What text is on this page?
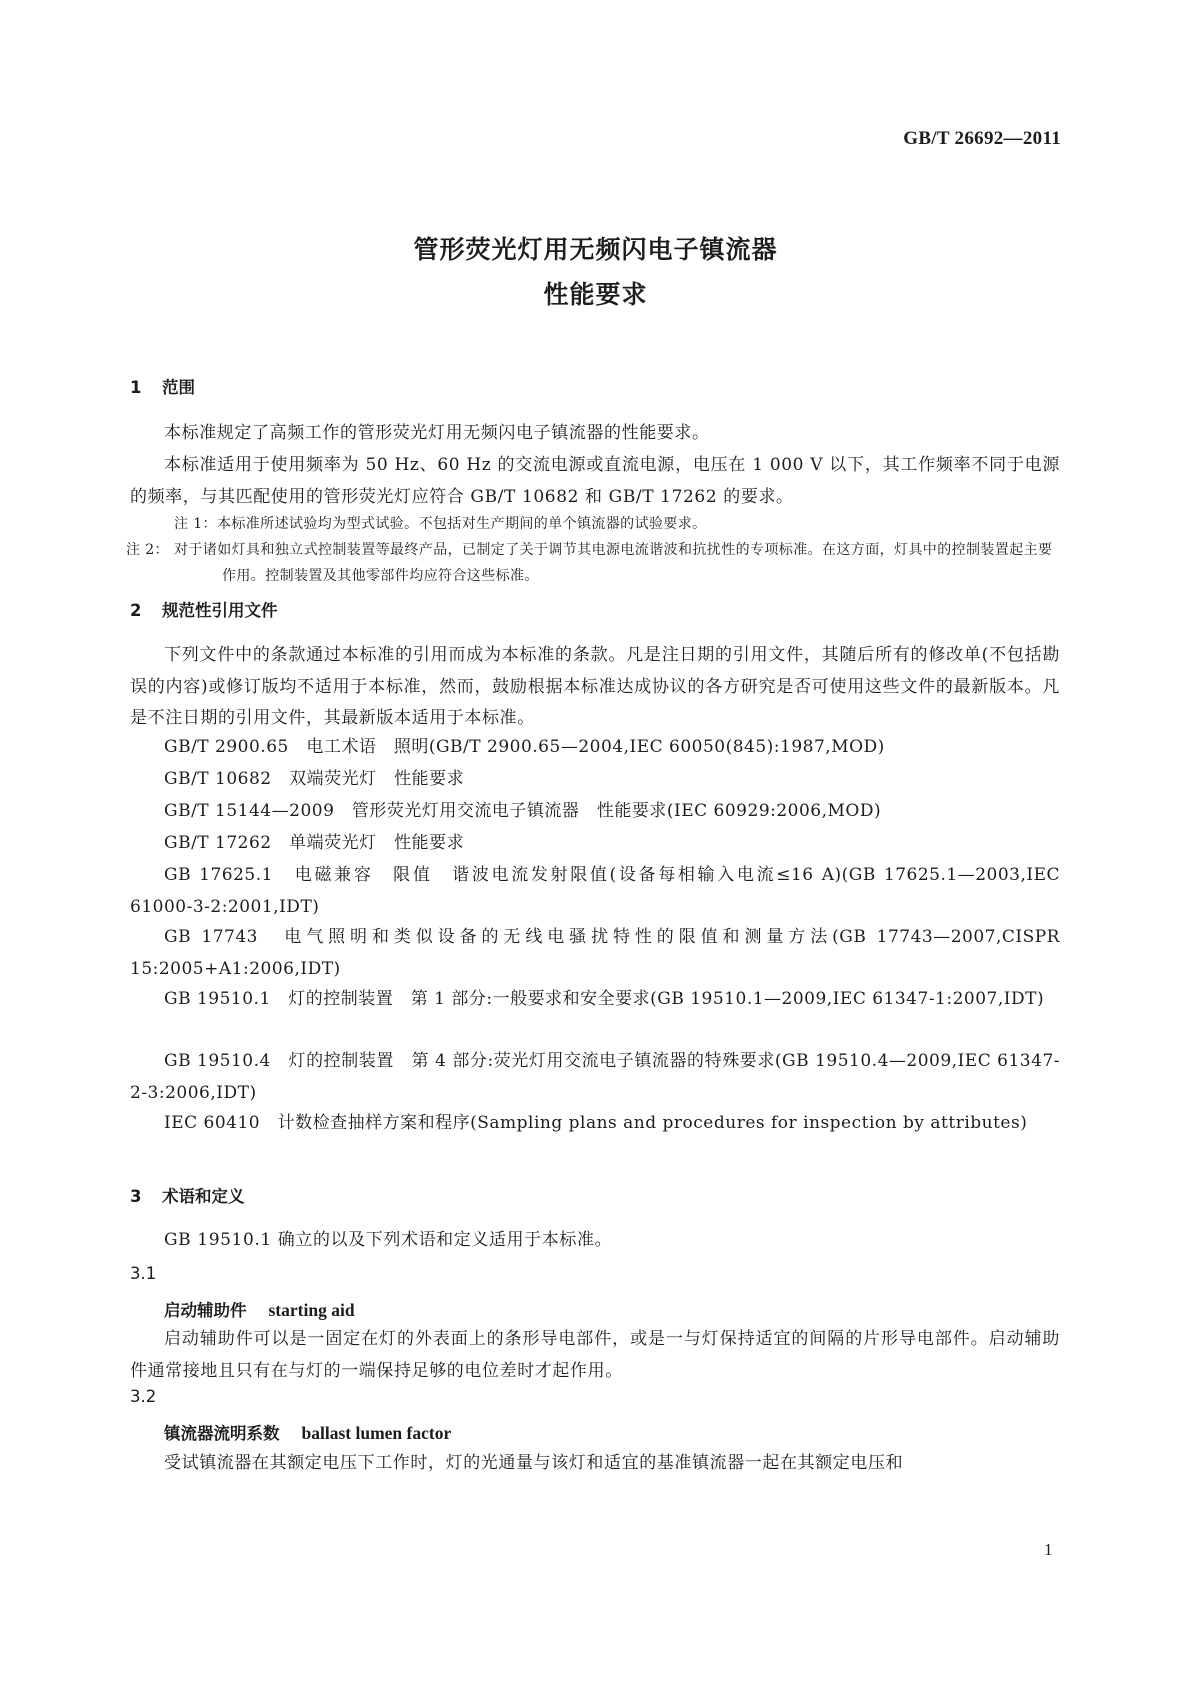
GB/T 26692—2011
管形荧光灯用无频闪电子镇流器
性能要求
1 范围
本标准规定了高频工作的管形荧光灯用无频闪电子镇流器的性能要求。
本标准适用于使用频率为 50 Hz、60 Hz 的交流电源或直流电源，电压在 1 000 V 以下，其工作频率不同于电源的频率，与其匹配使用的管形荧光灯应符合 GB/T 10682 和 GB/T 17262 的要求。
注 1：本标准所述试验均为型式试验。不包括对生产期间的单个镇流器的试验要求。
注 2： 对于诸如灯具和独立式控制装置等最终产品，已制定了关于调节其电源电流谐波和抗扰性的专项标准。在这方面，灯具中的控制装置起主要作用。控制装置及其他零部件均应符合这些标准。
2 规范性引用文件
下列文件中的条款通过本标准的引用而成为本标准的条款。凡是注日期的引用文件，其随后所有的修改单(不包括勘误的内容)或修订版均不适用于本标准，然而，鼓励根据本标准达成协议的各方研究是否可使用这些文件的最新版本。凡是不注日期的引用文件，其最新版本适用于本标准。
GB/T 2900.65　电工术语　照明(GB/T 2900.65—2004,IEC 60050(845):1987,MOD)
GB/T 10682　双端荧光灯　性能要求
GB/T 15144—2009　管形荧光灯用交流电子镇流器　性能要求(IEC 60929:2006,MOD)
GB/T 17262　单端荧光灯　性能要求
GB 17625.1　电磁兼容　限值　谐波电流发射限值(设备每相输入电流≤16 A)(GB 17625.1—2003,IEC 61000-3-2:2001,IDT)
GB 17743　电气照明和类似设备的无线电骚扰特性的限值和测量方法(GB 17743—2007,CISPR 15:2005+A1:2006,IDT)
GB 19510.1　灯的控制装置　第 1 部分:一般要求和安全要求(GB 19510.1—2009,IEC 61347-1:2007,IDT)
GB 19510.4　灯的控制装置　第 4 部分:荧光灯用交流电子镇流器的特殊要求(GB 19510.4—2009,IEC 61347-2-3:2006,IDT)
IEC 60410　计数检查抽样方案和程序(Sampling plans and procedures for inspection by attributes)
3 术语和定义
GB 19510.1 确立的以及下列术语和定义适用于本标准。
3.1
启动辅助件 starting aid
启动辅助件可以是一固定在灯的外表面上的条形导电部件，或是一与灯保持适宜的间隔的片形导电部件。启动辅助件通常接地且只有在与灯的一端保持足够的电位差时才起作用。
3.2
镇流器流明系数 ballast lumen factor
受试镇流器在其额定电压下工作时，灯的光通量与该灯和适宜的基准镇流器一起在其额定电压和
1
